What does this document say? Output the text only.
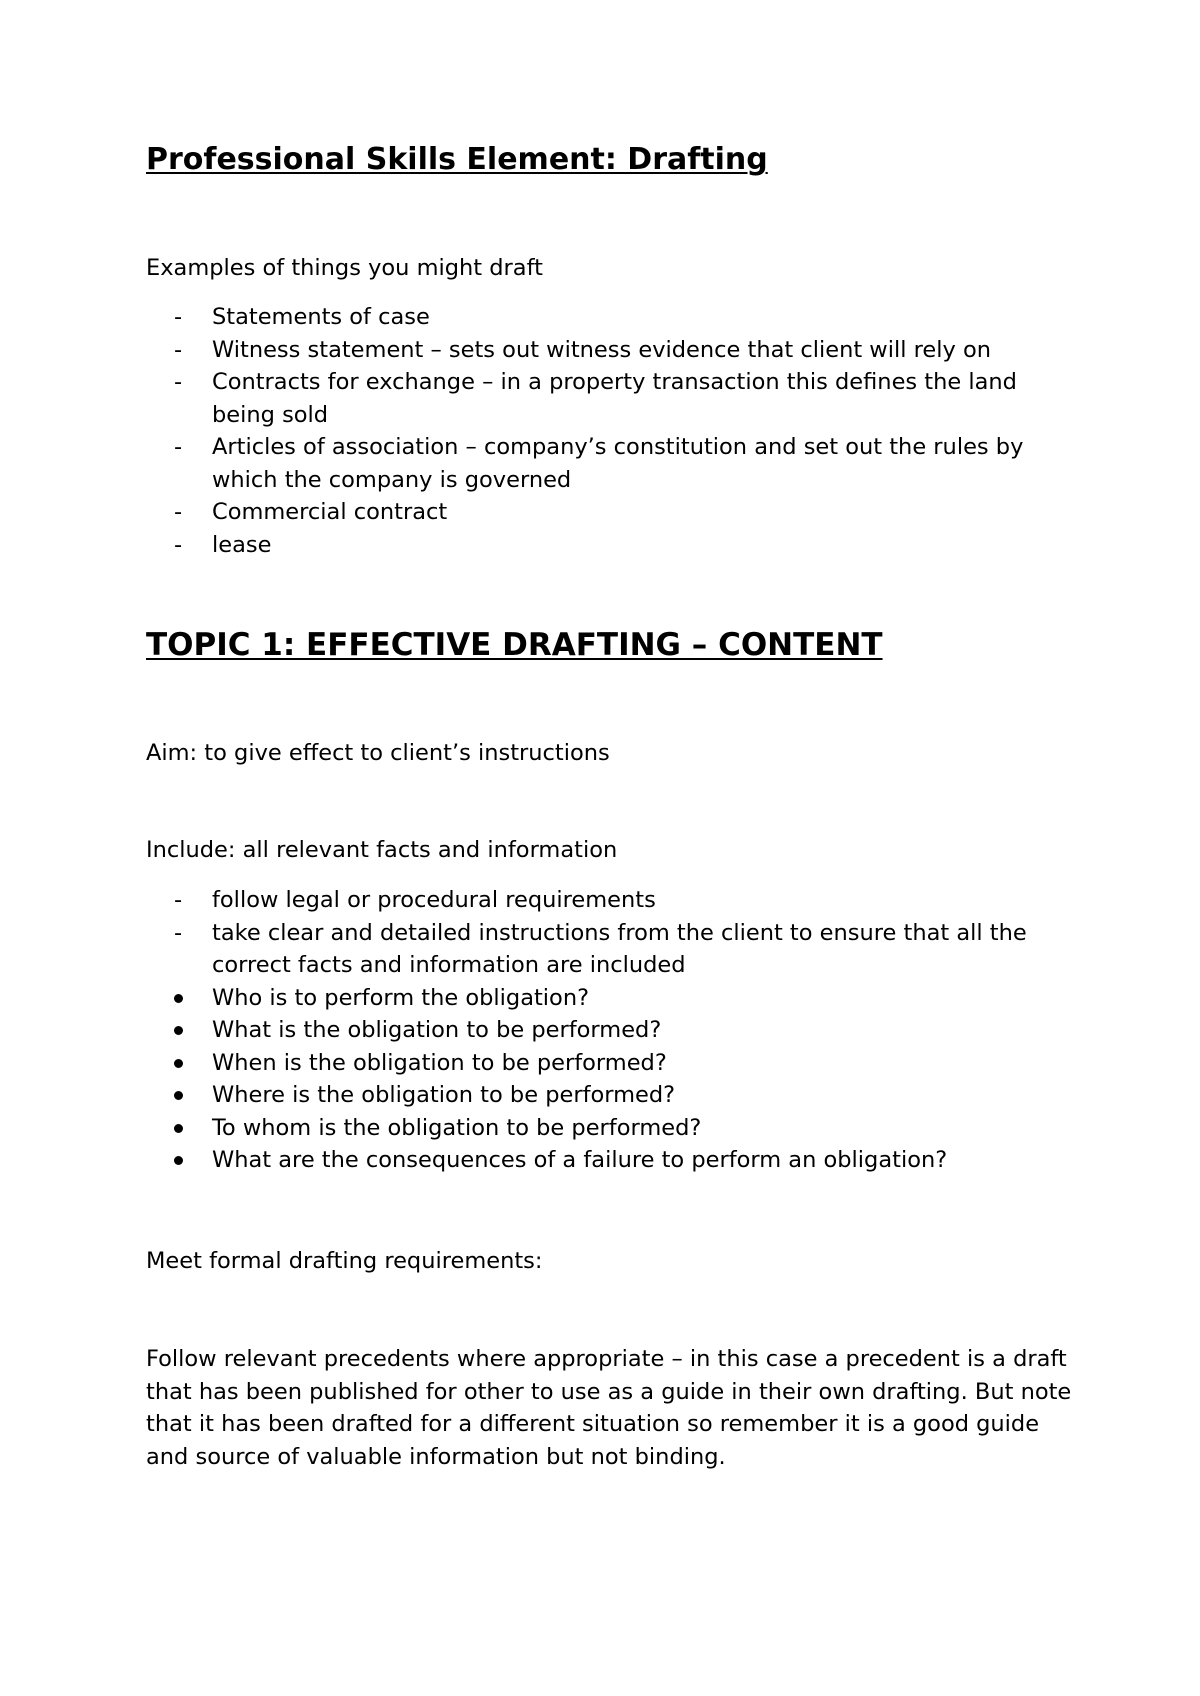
Professional Skills Element: Drafting

Examples of things you might draft

-	Statements of case
-	Witness statement – sets out witness evidence that client will rely on
-	Contracts for exchange – in a property transaction this defines the land being sold
-	Articles of association – company’s constitution and set out the rules by which the company is governed
-	Commercial contract
-	lease
TOPIC 1: EFFECTIVE DRAFTING – CONTENT

Aim: to give effect to client’s instructions

Include: all relevant facts and information

-	follow legal or procedural requirements
-	take clear and detailed instructions from the client to ensure that all the correct facts and information are included
Who is to perform the obligation?
What is the obligation to be performed?
When is the obligation to be performed?
Where is the obligation to be performed?
To whom is the obligation to be performed?
What are the consequences of a failure to perform an obligation?

Meet formal drafting requirements:

Follow relevant precedents where appropriate – in this case a precedent is a draft that has been published for other to use as a guide in their own drafting. But note that it has been drafted for a different situation so remember it is a good guide and source of valuable information but not binding.
